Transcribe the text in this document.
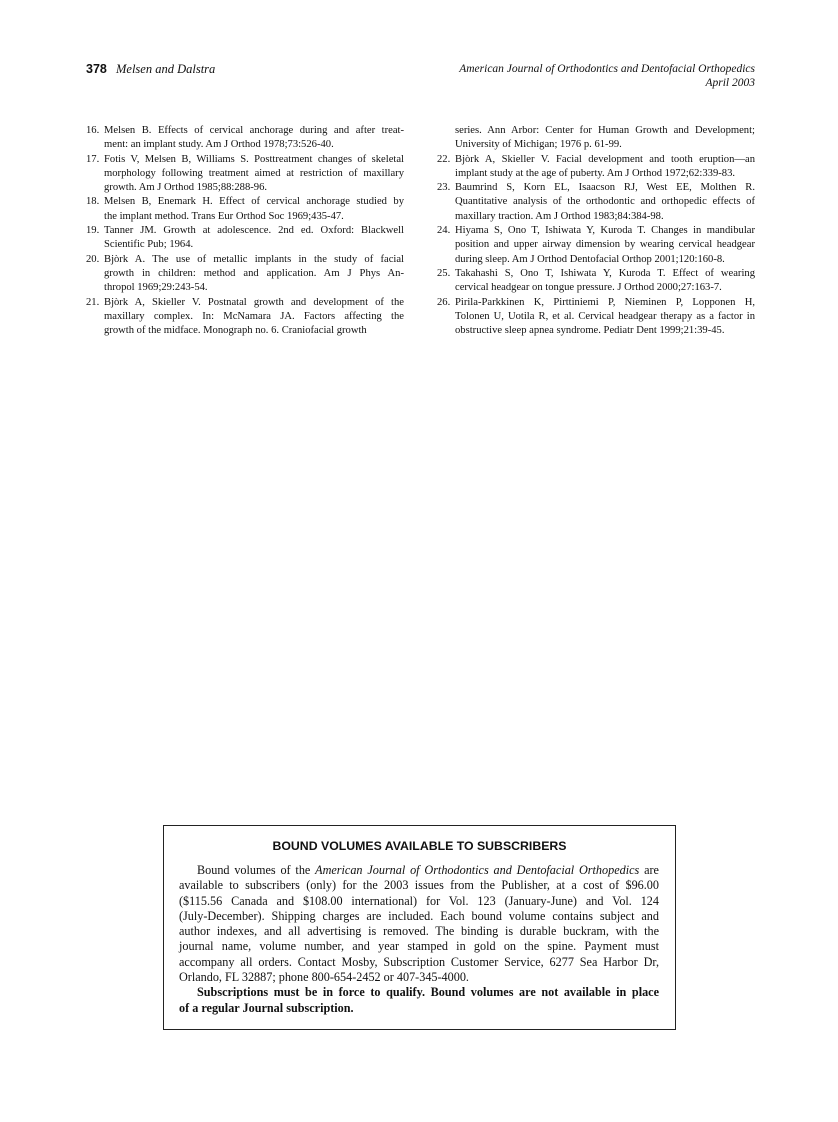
378 Melsen and Dalstra	American Journal of Orthodontics and Dentofacial Orthopedics
April 2003
16. Melsen B. Effects of cervical anchorage during and after treat-
ment: an implant study. Am J Orthod 1978;73:526-40.
17. Fotis V, Melsen B, Williams S. Posttreatment changes of skeletal
morphology following treatment aimed at restriction of maxillary
growth. Am J Orthod 1985;88:288-96.
18. Melsen B, Enemark H. Effect of cervical anchorage studied by
the implant method. Trans Eur Orthod Soc 1969;435-47.
19. Tanner JM. Growth at adolescence. 2nd ed. Oxford: Blackwell
Scientific Pub; 1964.
20. Bjòrk A. The use of metallic implants in the study of facial
growth in children: method and application. Am J Phys An-
thropol 1969;29:243-54.
21. Bjòrk A, Skieller V. Postnatal growth and development of the
maxillary complex. In: McNamara JA. Factors affecting the
growth of the midface. Monograph no. 6. Craniofacial growth
series. Ann Arbor: Center for Human Growth and Development;
University of Michigan; 1976 p. 61-99.
22. Bjòrk A, Skieller V. Facial development and tooth eruption—an
implant study at the age of puberty. Am J Orthod 1972;62:339-83.
23. Baumrind S, Korn EL, Isaacson RJ, West EE, Molthen R.
Quantitative analysis of the orthodontic and orthopedic effects of
maxillary traction. Am J Orthod 1983;84:384-98.
24. Hiyama S, Ono T, Ishiwata Y, Kuroda T. Changes in mandibular
position and upper airway dimension by wearing cervical headgear
during sleep. Am J Orthod Dentofacial Orthop 2001;120:160-8.
25. Takahashi S, Ono T, Ishiwata Y, Kuroda T. Effect of wearing
cervical headgear on tongue pressure. J Orthod 2000;27:163-7.
26. Pirila-Parkkinen K, Pirttiniemi P, Nieminen P, Lopponen H,
Tolonen U, Uotila R, et al. Cervical headgear therapy as a factor in
obstructive sleep apnea syndrome. Pediatr Dent 1999;21:39-45.
BOUND VOLUMES AVAILABLE TO SUBSCRIBERS
Bound volumes of the American Journal of Orthodontics and Dentofacial Orthopedics are
available to subscribers (only) for the 2003 issues from the Publisher, at a cost of $96.00
($115.56 Canada and $108.00 international) for Vol. 123 (January-June) and Vol. 124
(July-December). Shipping charges are included. Each bound volume contains subject and
author indexes, and all advertising is removed. The binding is durable buckram, with the
journal name, volume number, and year stamped in gold on the spine. Payment must
accompany all orders. Contact Mosby, Subscription Customer Service, 6277 Sea Harbor Dr,
Orlando, FL 32887; phone 800-654-2452 or 407-345-4000.
Subscriptions must be in force to qualify. Bound volumes are not available in place
of a regular Journal subscription.
